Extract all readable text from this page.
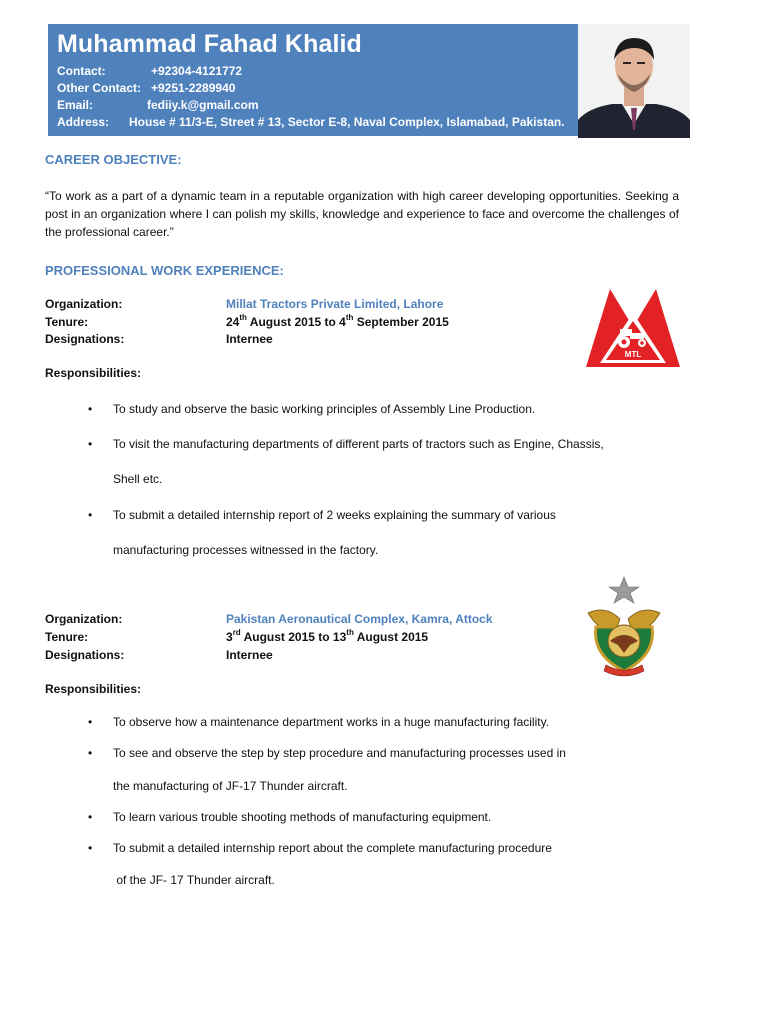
Muhammad Fahad Khalid
Contact:	+92304-4121772
Other Contact: +9251-2289940
Email:	fediiy.k@gmail.com
Address: House # 11/3-E, Street # 13, Sector E-8, Naval Complex, Islamabad, Pakistan.
CAREER OBJECTIVE:
“To work as a part of a dynamic team in a reputable organization with high career developing opportunities. Seeking a post in an organization where I can polish my skills, knowledge and experience to face and overcome the challenges of the professional career.”
PROFESSIONAL WORK EXPERIENCE:
Organization:	Millat Tractors Private Limited, Lahore
Tenure:	24th August 2015 to 4th September 2015
Designations:	Internee
Responsibilities:
• To study and observe the basic working principles of Assembly Line Production.
• To visit the manufacturing departments of different parts of tractors such as Engine, Chassis,
Shell etc.
• To submit a detailed internship report of 2 weeks explaining the summary of various
manufacturing processes witnessed in the factory.
MTL
Organization:	Pakistan Aeronautical Complex, Kamra, Attock
Tenure:	3rd August 2015 to 13th August 2015
Designations:	Internee
Responsibilities:
• To observe how a maintenance department works in a huge manufacturing facility.
• To see and observe the step by step procedure and manufacturing processes used in
the manufacturing of JF-17 Thunder aircraft.
• To learn various trouble shooting methods of manufacturing equipment.
• To submit a detailed internship report about the complete manufacturing procedure
of the JF- 17 Thunder aircraft.
